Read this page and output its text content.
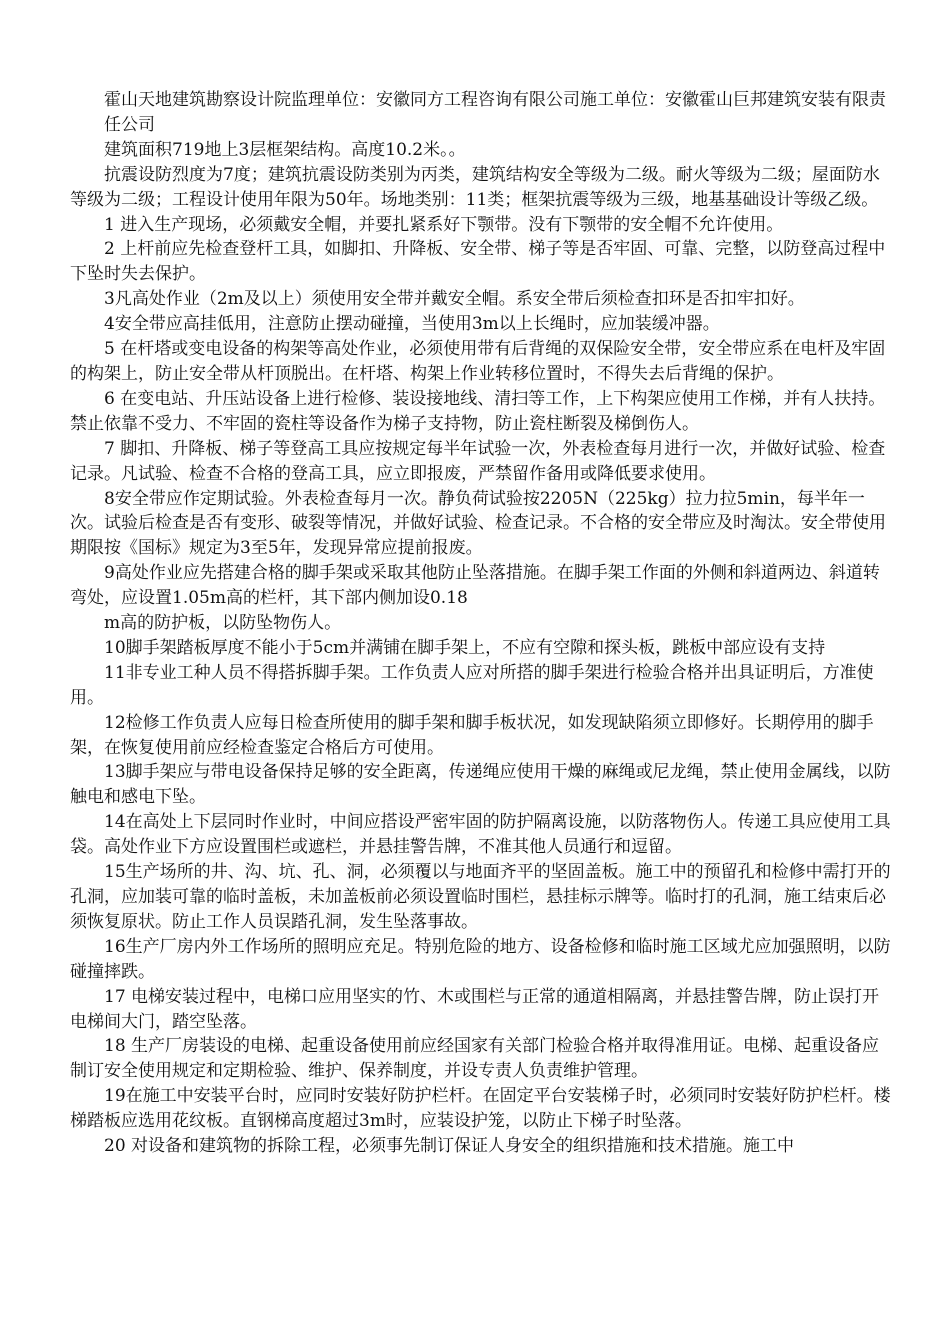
霍山天地建筑勘察设计院监理单位：安徽同方工程咨询有限公司施工单位：安徽霍山巨邦建筑安装有限责任公司

建筑面积719地上3层框架结构。高度10.2米。。

抗震设防烈度为7度；建筑抗震设防类别为丙类，建筑结构安全等级为二级。耐火等级为二级；屋面防水等级为二级；工程设计使用年限为50年。场地类别：11类；框架抗震等级为三级，地基基础设计等级乙级。

1 进入生产现场，必须戴安全帽，并要扎紧系好下颚带。没有下颚带的安全帽不允许使用。

2 上杆前应先检查登杆工具，如脚扣、升降板、安全带、梯子等是否牢固、可靠、完整，以防登高过程中下坠时失去保护。

3凡高处作业（2m及以上）须使用安全带并戴安全帽。系安全带后须检查扣环是否扣牢扣好。

4安全带应高挂低用，注意防止摆动碰撞，当使用3m以上长绳时，应加装缓冲器。

5 在杆塔或变电设备的构架等高处作业，必须使用带有后背绳的双保险安全带，安全带应系在电杆及牢固的构架上，防止安全带从杆顶脱出。在杆塔、构架上作业转移位置时，不得失去后背绳的保护。

6 在变电站、升压站设备上进行检修、装设接地线、清扫等工作，上下构架应使用工作梯，并有人扶持。禁止依靠不受力、不牢固的瓷柱等设备作为梯子支持物，防止瓷柱断裂及梯倒伤人。

7 脚扣、升降板、梯子等登高工具应按规定每半年试验一次，外表检查每月进行一次，并做好试验、检查记录。凡试验、检查不合格的登高工具，应立即报废，严禁留作备用或降低要求使用。

8安全带应作定期试验。外表检查每月一次。静负荷试验按2205N（225kg）拉力拉5min，每半年一次。试验后检查是否有变形、破裂等情况，并做好试验、检查记录。不合格的安全带应及时淘汰。安全带使用期限按《国标》规定为3至5年，发现异常应提前报废。

9高处作业应先搭建合格的脚手架或采取其他防止坠落措施。在脚手架工作面的外侧和斜道两边、斜道转弯处，应设置1.05m高的栏杆，其下部内侧加设0.18

m高的防护板，以防坠物伤人。

10脚手架踏板厚度不能小于5cm并满铺在脚手架上，不应有空隙和探头板，跳板中部应设有支持

11非专业工种人员不得搭拆脚手架。工作负责人应对所搭的脚手架进行检验合格并出具证明后，方准使用。

12检修工作负责人应每日检查所使用的脚手架和脚手板状况，如发现缺陷须立即修好。长期停用的脚手架，在恢复使用前应经检查鉴定合格后方可使用。

13脚手架应与带电设备保持足够的安全距离，传递绳应使用干燥的麻绳或尼龙绳，禁止使用金属线，以防触电和感电下坠。

14在高处上下层同时作业时，中间应搭设严密牢固的防护隔离设施，以防落物伤人。传递工具应使用工具袋。高处作业下方应设置围栏或遮栏，并悬挂警告牌，不准其他人员通行和逗留。

15生产场所的井、沟、坑、孔、洞，必须覆以与地面齐平的坚固盖板。施工中的预留孔和检修中需打开的孔洞，应加装可靠的临时盖板，未加盖板前必须设置临时围栏，悬挂标示牌等。临时打的孔洞，施工结束后必须恢复原状。防止工作人员误踏孔洞，发生坠落事故。

16生产厂房内外工作场所的照明应充足。特别危险的地方、设备检修和临时施工区域尤应加强照明，以防碰撞摔跌。

17 电梯安装过程中，电梯口应用坚实的竹、木或围栏与正常的通道相隔离，并悬挂警告牌，防止误打开电梯间大门，踏空坠落。

18 生产厂房装设的电梯、起重设备使用前应经国家有关部门检验合格并取得准用证。电梯、起重设备应制订安全使用规定和定期检验、维护、保养制度，并设专责人负责维护管理。

19在施工中安装平台时，应同时安装好防护栏杆。在固定平台安装梯子时，必须同时安装好防护栏杆。楼梯踏板应选用花纹板。直钢梯高度超过3m时，应装设护笼，以防止下梯子时坠落。

20 对设备和建筑物的拆除工程，必须事先制订保证人身安全的组织措施和技术措施。施工中
